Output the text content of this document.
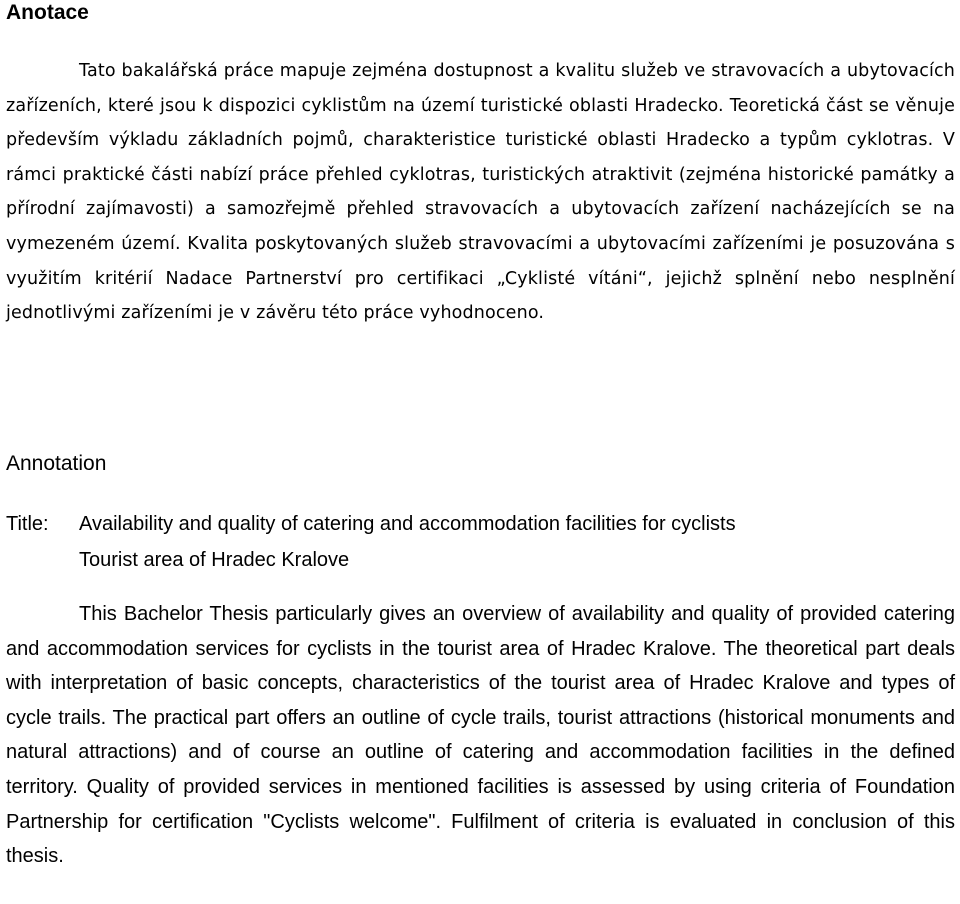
Anotace

Tato bakalářská práce mapuje zejména dostupnost a kvalitu služeb ve stravovacích a ubytovacích zařízeních, které jsou k dispozici cyklistům na území turistické oblasti Hradecko. Teoretická část se věnuje především výkladu základních pojmů, charakteristice turistické oblasti Hradecko a typům cyklotras. V rámci praktické části nabízí práce přehled cyklotras, turistických atraktivit (zejména historické památky a přírodní zajímavosti) a samozřejmě přehled stravovacích a ubytovacích zařízení nacházejících se na vymezeném území. Kvalita poskytovaných služeb stravovacími a ubytovacími zařízeními je posuzována s využitím kritérií Nadace Partnerství pro certifikaci „Cyklisté vítáni“, jejichž splnění nebo nesplnění jednotlivými zařízeními je v závěru této práce vyhodnoceno.

Annotation
Title: Availability and quality of catering and accommodation facilities for cyclists
Tourist area of Hradec Kralove

This Bachelor Thesis particularly gives an overview of availability and quality of provided catering and accommodation services for cyclists in the tourist area of Hradec Kralove. The theoretical part deals with interpretation of basic concepts, characteristics of the tourist area of Hradec Kralove and types of cycle trails. The practical part offers an outline of cycle trails, tourist attractions (historical monuments and natural attractions) and of course an outline of catering and accommodation facilities in the defined territory. Quality of provided services in mentioned facilities is assessed by using criteria of Foundation Partnership for certification "Cyclists welcome". Fulfilment of criteria is evaluated in conclusion of this thesis.
